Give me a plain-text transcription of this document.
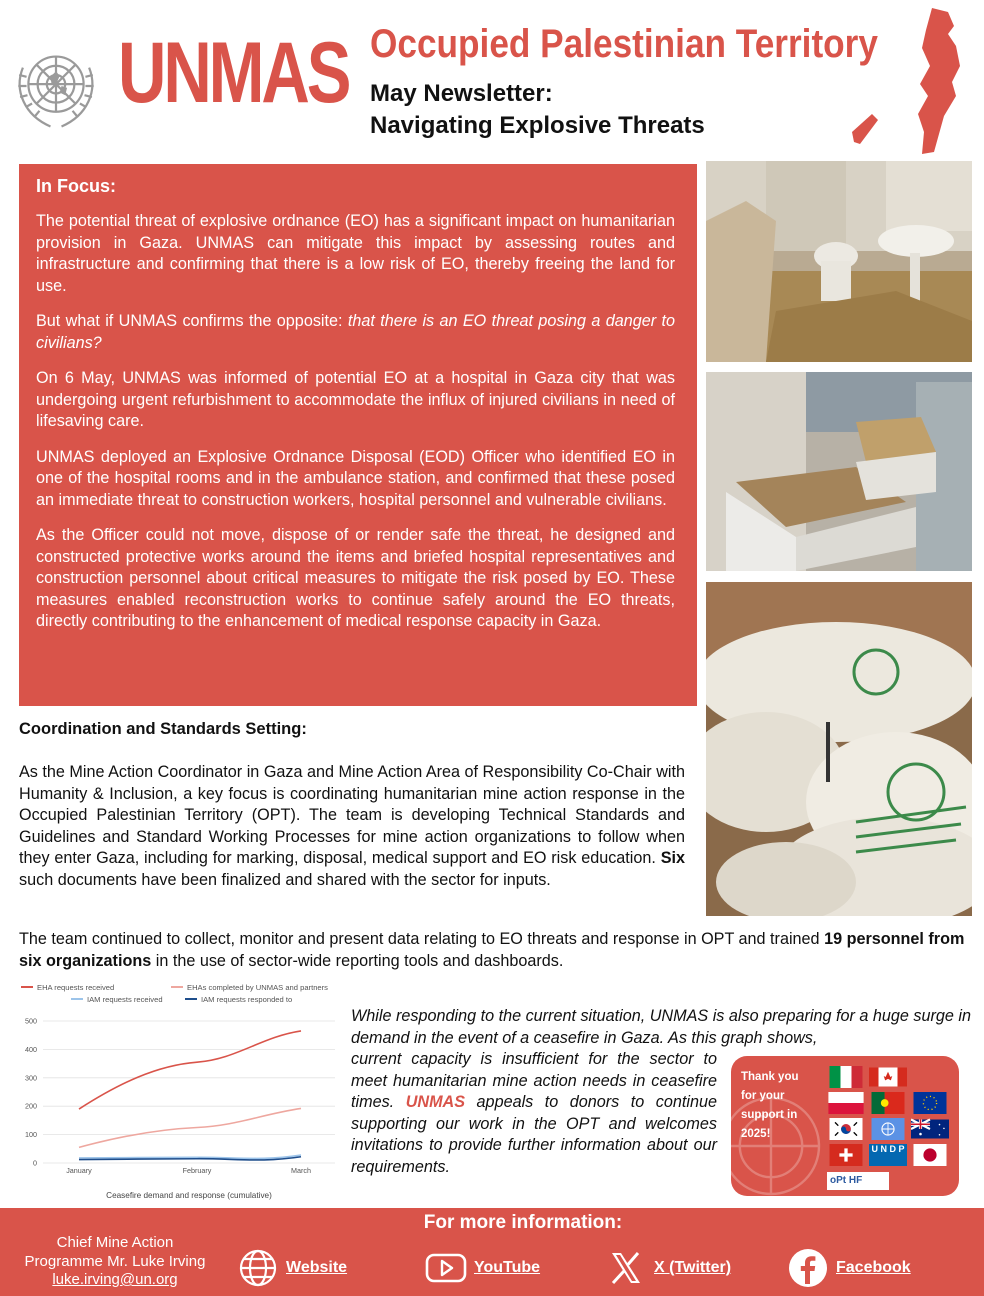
UNMAS Occupied Palestinian Territory
May Newsletter:
Navigating Explosive Threats
In Focus:

The potential threat of explosive ordnance (EO) has a significant impact on humanitarian provision in Gaza. UNMAS can mitigate this impact by assessing routes and infrastructure and confirming that there is a low risk of EO, thereby freeing the land for use.

But what if UNMAS confirms the opposite: that there is an EO threat posing a danger to civilians?

On 6 May, UNMAS was informed of potential EO at a hospital in Gaza city that was undergoing urgent refurbishment to accommodate the influx of injured civilians in need of lifesaving care.

UNMAS deployed an Explosive Ordnance Disposal (EOD) Officer who identified EO in one of the hospital rooms and in the ambulance station, and confirmed that these posed an immediate threat to construction workers, hospital personnel and vulnerable civilians.

As the Officer could not move, dispose of or render safe the threat, he designed and constructed protective works around the items and briefed hospital representatives and construction personnel about critical measures to mitigate the risk posed by EO. These measures enabled reconstruction works to continue safely around the EO threats, directly contributing to the enhancement of medical response capacity in Gaza.

Coordination and Standards Setting:
As the Mine Action Coordinator in Gaza and Mine Action Area of Responsibility Co-Chair with Humanity & Inclusion, a key focus is coordinating humanitarian mine action response in the Occupied Palestinian Territory (OPT). The team is developing Technical Standards and Guidelines and Standard Working Processes for mine action organizations to follow when they enter Gaza, including for marking, disposal, medical support and EO risk education. Six such documents have been finalized and shared with the sector for inputs.
The team continued to collect, monitor and present data relating to EO threats and response in OPT and trained 19 personnel from six organizations in the use of sector-wide reporting tools and dashboards.
EHA requests received	EHAs completed by UNMAS and partners
IAM requests received	IAM requests responded to
0
100
200
300
400
500
January	February	March
Ceasefire demand and response (cumulative)
While responding to the current situation, UNMAS is also preparing for a huge surge in demand in the event of a ceasefire in Gaza. As this graph shows,
current capacity is insufficient for the sector to meet humanitarian mine action needs in ceasefire times. UNMAS appeals to donors to continue supporting our work in the OPT and welcomes invitations to provide further information about our requirements.
Thank you for your support in 2025!
U N D P
oPt HF
For more information:
Chief Mine Action
Programme Mr. Luke Irving
luke.irving@un.org
Website	YouTube	X (Twitter)	Facebook
